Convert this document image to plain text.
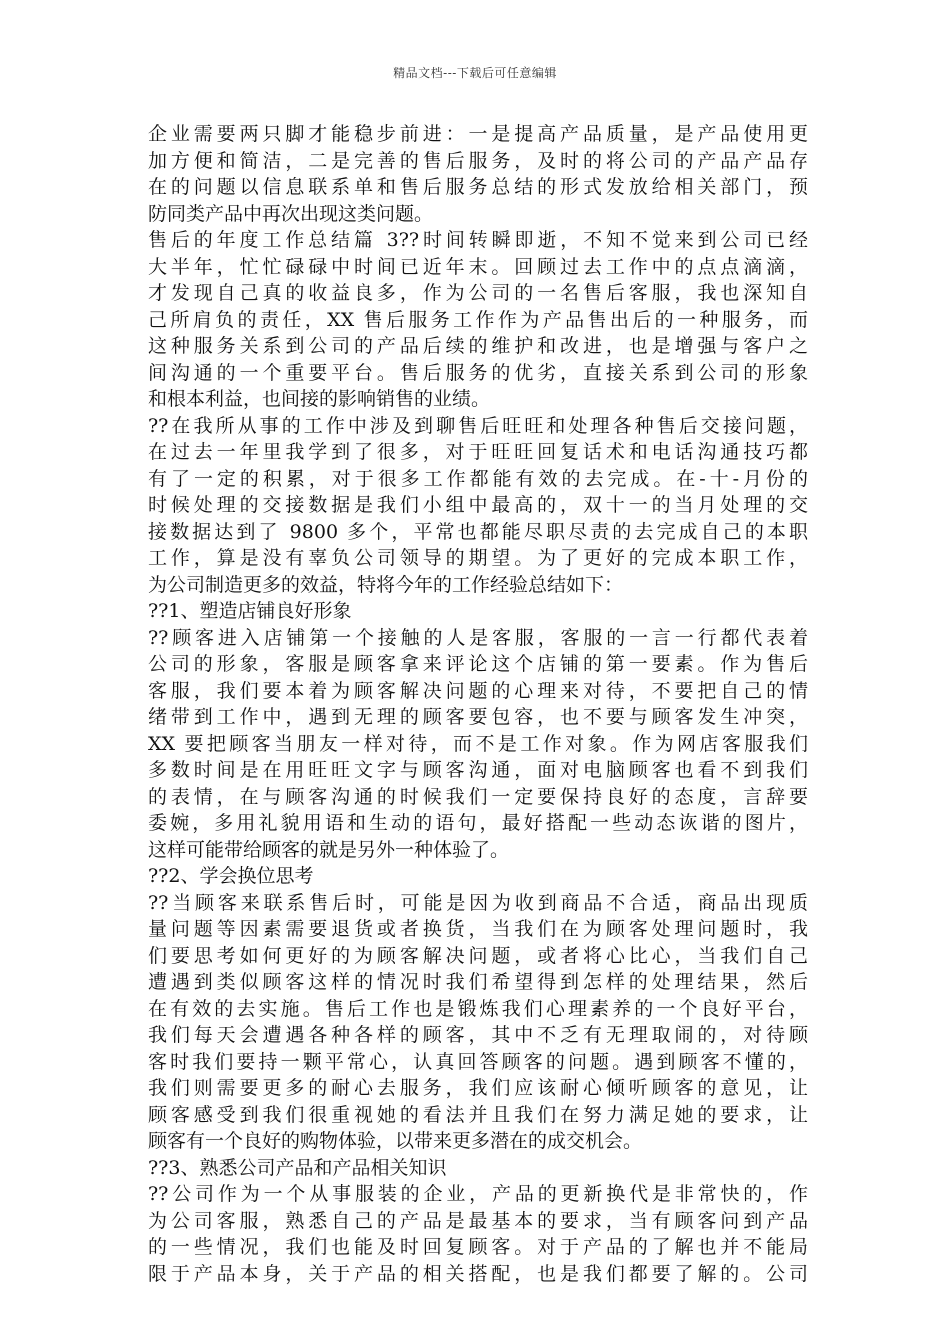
精品文档---下载后可任意编辑
企业需要两只脚才能稳步前进：一是提高产品质量，是产品使用更
加方便和简洁，二是完善的售后服务，及时的将公司的产品产品存
在的问题以信息联系单和售后服务总结的形式发放给相关部门，预
防同类产品中再次出现这类问题。
售后的年度工作总结篇 3??时间转瞬即逝，不知不觉来到公司已经
大半年，忙忙碌碌中时间已近年末。回顾过去工作中的点点滴滴，
才发现自己真的收益良多，作为公司的一名售后客服，我也深知自
己所肩负的责任，XX 售后服务工作作为产品售出后的一种服务，而
这种服务关系到公司的产品后续的维护和改进，也是增强与客户之
间沟通的一个重要平台。售后服务的优劣，直接关系到公司的形象
和根本利益，也间接的影响销售的业绩。
??在我所从事的工作中涉及到聊售后旺旺和处理各种售后交接问题，
在过去一年里我学到了很多，对于旺旺回复话术和电话沟通技巧都
有了一定的积累，对于很多工作都能有效的去完成。在-十-月份的
时候处理的交接数据是我们小组中最高的，双十一的当月处理的交
接数据达到了 9800 多个，平常也都能尽职尽责的去完成自己的本职
工作，算是没有辜负公司领导的期望。为了更好的完成本职工作，
为公司制造更多的效益，特将今年的工作经验总结如下：
??1、塑造店铺良好形象
??顾客进入店铺第一个接触的人是客服，客服的一言一行都代表着
公司的形象，客服是顾客拿来评论这个店铺的第一要素。作为售后
客服，我们要本着为顾客解决问题的心理来对待，不要把自己的情
绪带到工作中，遇到无理的顾客要包容，也不要与顾客发生冲突，
XX 要把顾客当朋友一样对待，而不是工作对象。作为网店客服我们
多数时间是在用旺旺文字与顾客沟通，面对电脑顾客也看不到我们
的表情，在与顾客沟通的时候我们一定要保持良好的态度，言辞要
委婉，多用礼貌用语和生动的语句，最好搭配一些动态诙谐的图片，
这样可能带给顾客的就是另外一种体验了。
??2、学会换位思考
??当顾客来联系售后时，可能是因为收到商品不合适，商品出现质
量问题等因素需要退货或者换货，当我们在为顾客处理问题时，我
们要思考如何更好的为顾客解决问题，或者将心比心，当我们自己
遭遇到类似顾客这样的情况时我们希望得到怎样的处理结果，然后
在有效的去实施。售后工作也是锻炼我们心理素养的一个良好平台，
我们每天会遭遇各种各样的顾客，其中不乏有无理取闹的，对待顾
客时我们要持一颗平常心，认真回答顾客的问题。遇到顾客不懂的，
我们则需要更多的耐心去服务，我们应该耐心倾听顾客的意见，让
顾客感受到我们很重视她的看法并且我们在努力满足她的要求，让
顾客有一个良好的购物体验，以带来更多潜在的成交机会。
??3、熟悉公司产品和产品相关知识
??公司作为一个从事服装的企业，产品的更新换代是非常快的，作
为公司客服，熟悉自己的产品是最基本的要求，当有顾客问到产品
的一些情况，我们也能及时回复顾客。对于产品的了解也并不能局
限于产品本身，关于产品的相关搭配，也是我们都要了解的。公司
